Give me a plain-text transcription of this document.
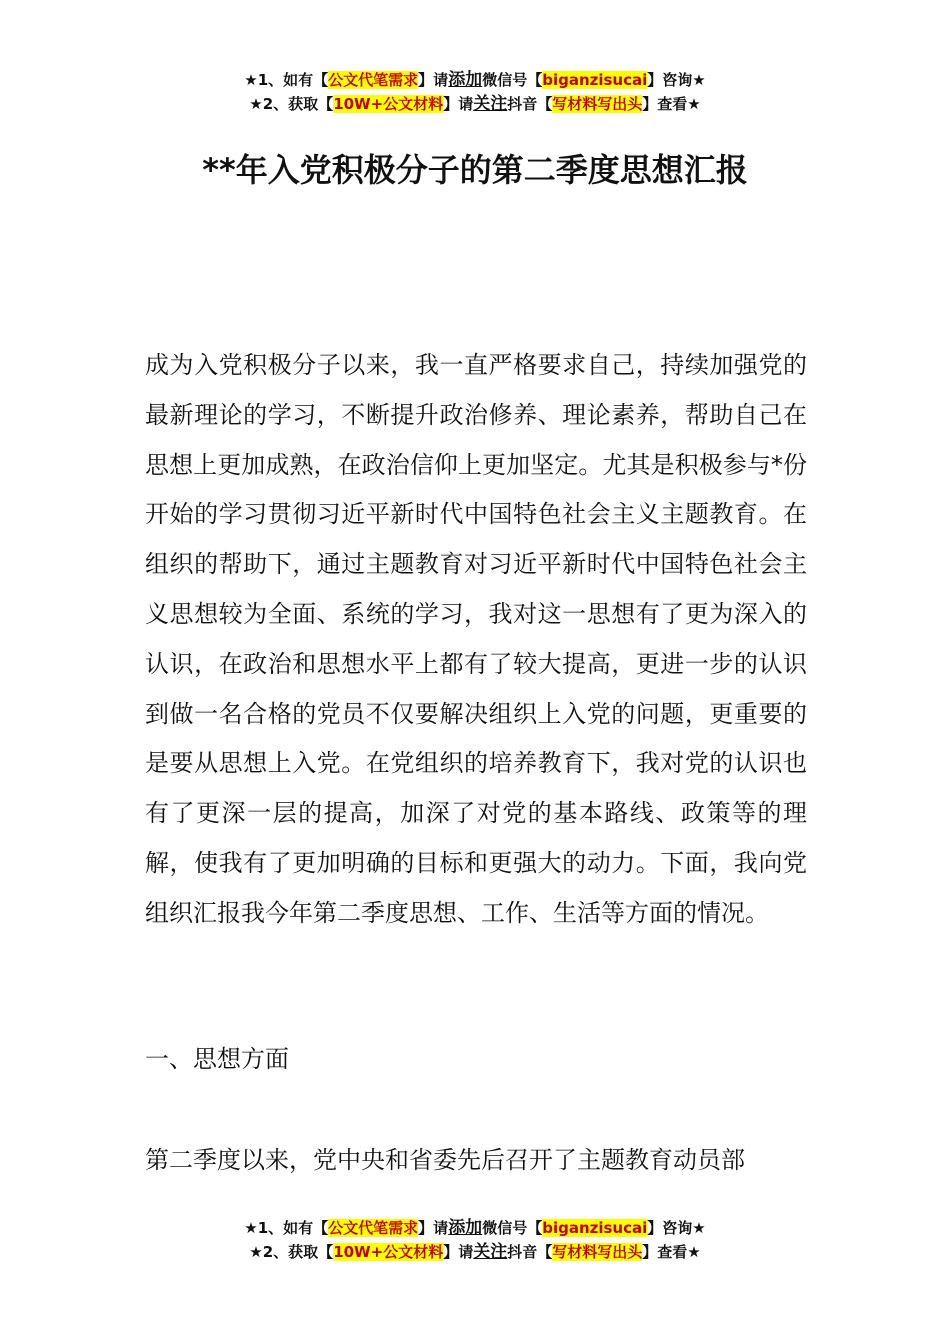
★1、如有【公文代笔需求】请添加微信号【biganzisucai】咨询★
★2、获取【10W+公文材料】请关注抖音【写材料写出头】查看★
**年入党积极分子的第二季度思想汇报
成为入党积极分子以来，我一直严格要求自己，持续加强党的最新理论的学习，不断提升政治修养、理论素养，帮助自己在思想上更加成熟，在政治信仰上更加坚定。尤其是积极参与*份开始的学习贯彻习近平新时代中国特色社会主义主题教育。在组织的帮助下，通过主题教育对习近平新时代中国特色社会主义思想较为全面、系统的学习，我对这一思想有了更为深入的认识，在政治和思想水平上都有了较大提高，更进一步的认识到做一名合格的党员不仅要解决组织上入党的问题，更重要的是要从思想上入党。在党组织的培养教育下，我对党的认识也有了更深一层的提高，加深了对党的基本路线、政策等的理解，使我有了更加明确的目标和更强大的动力。下面，我向党组织汇报我今年第二季度思想、工作、生活等方面的情况。
一、思想方面
第二季度以来，党中央和省委先后召开了主题教育动员部
★1、如有【公文代笔需求】请添加微信号【biganzisucai】咨询★
★2、获取【10W+公文材料】请关注抖音【写材料写出头】查看★
